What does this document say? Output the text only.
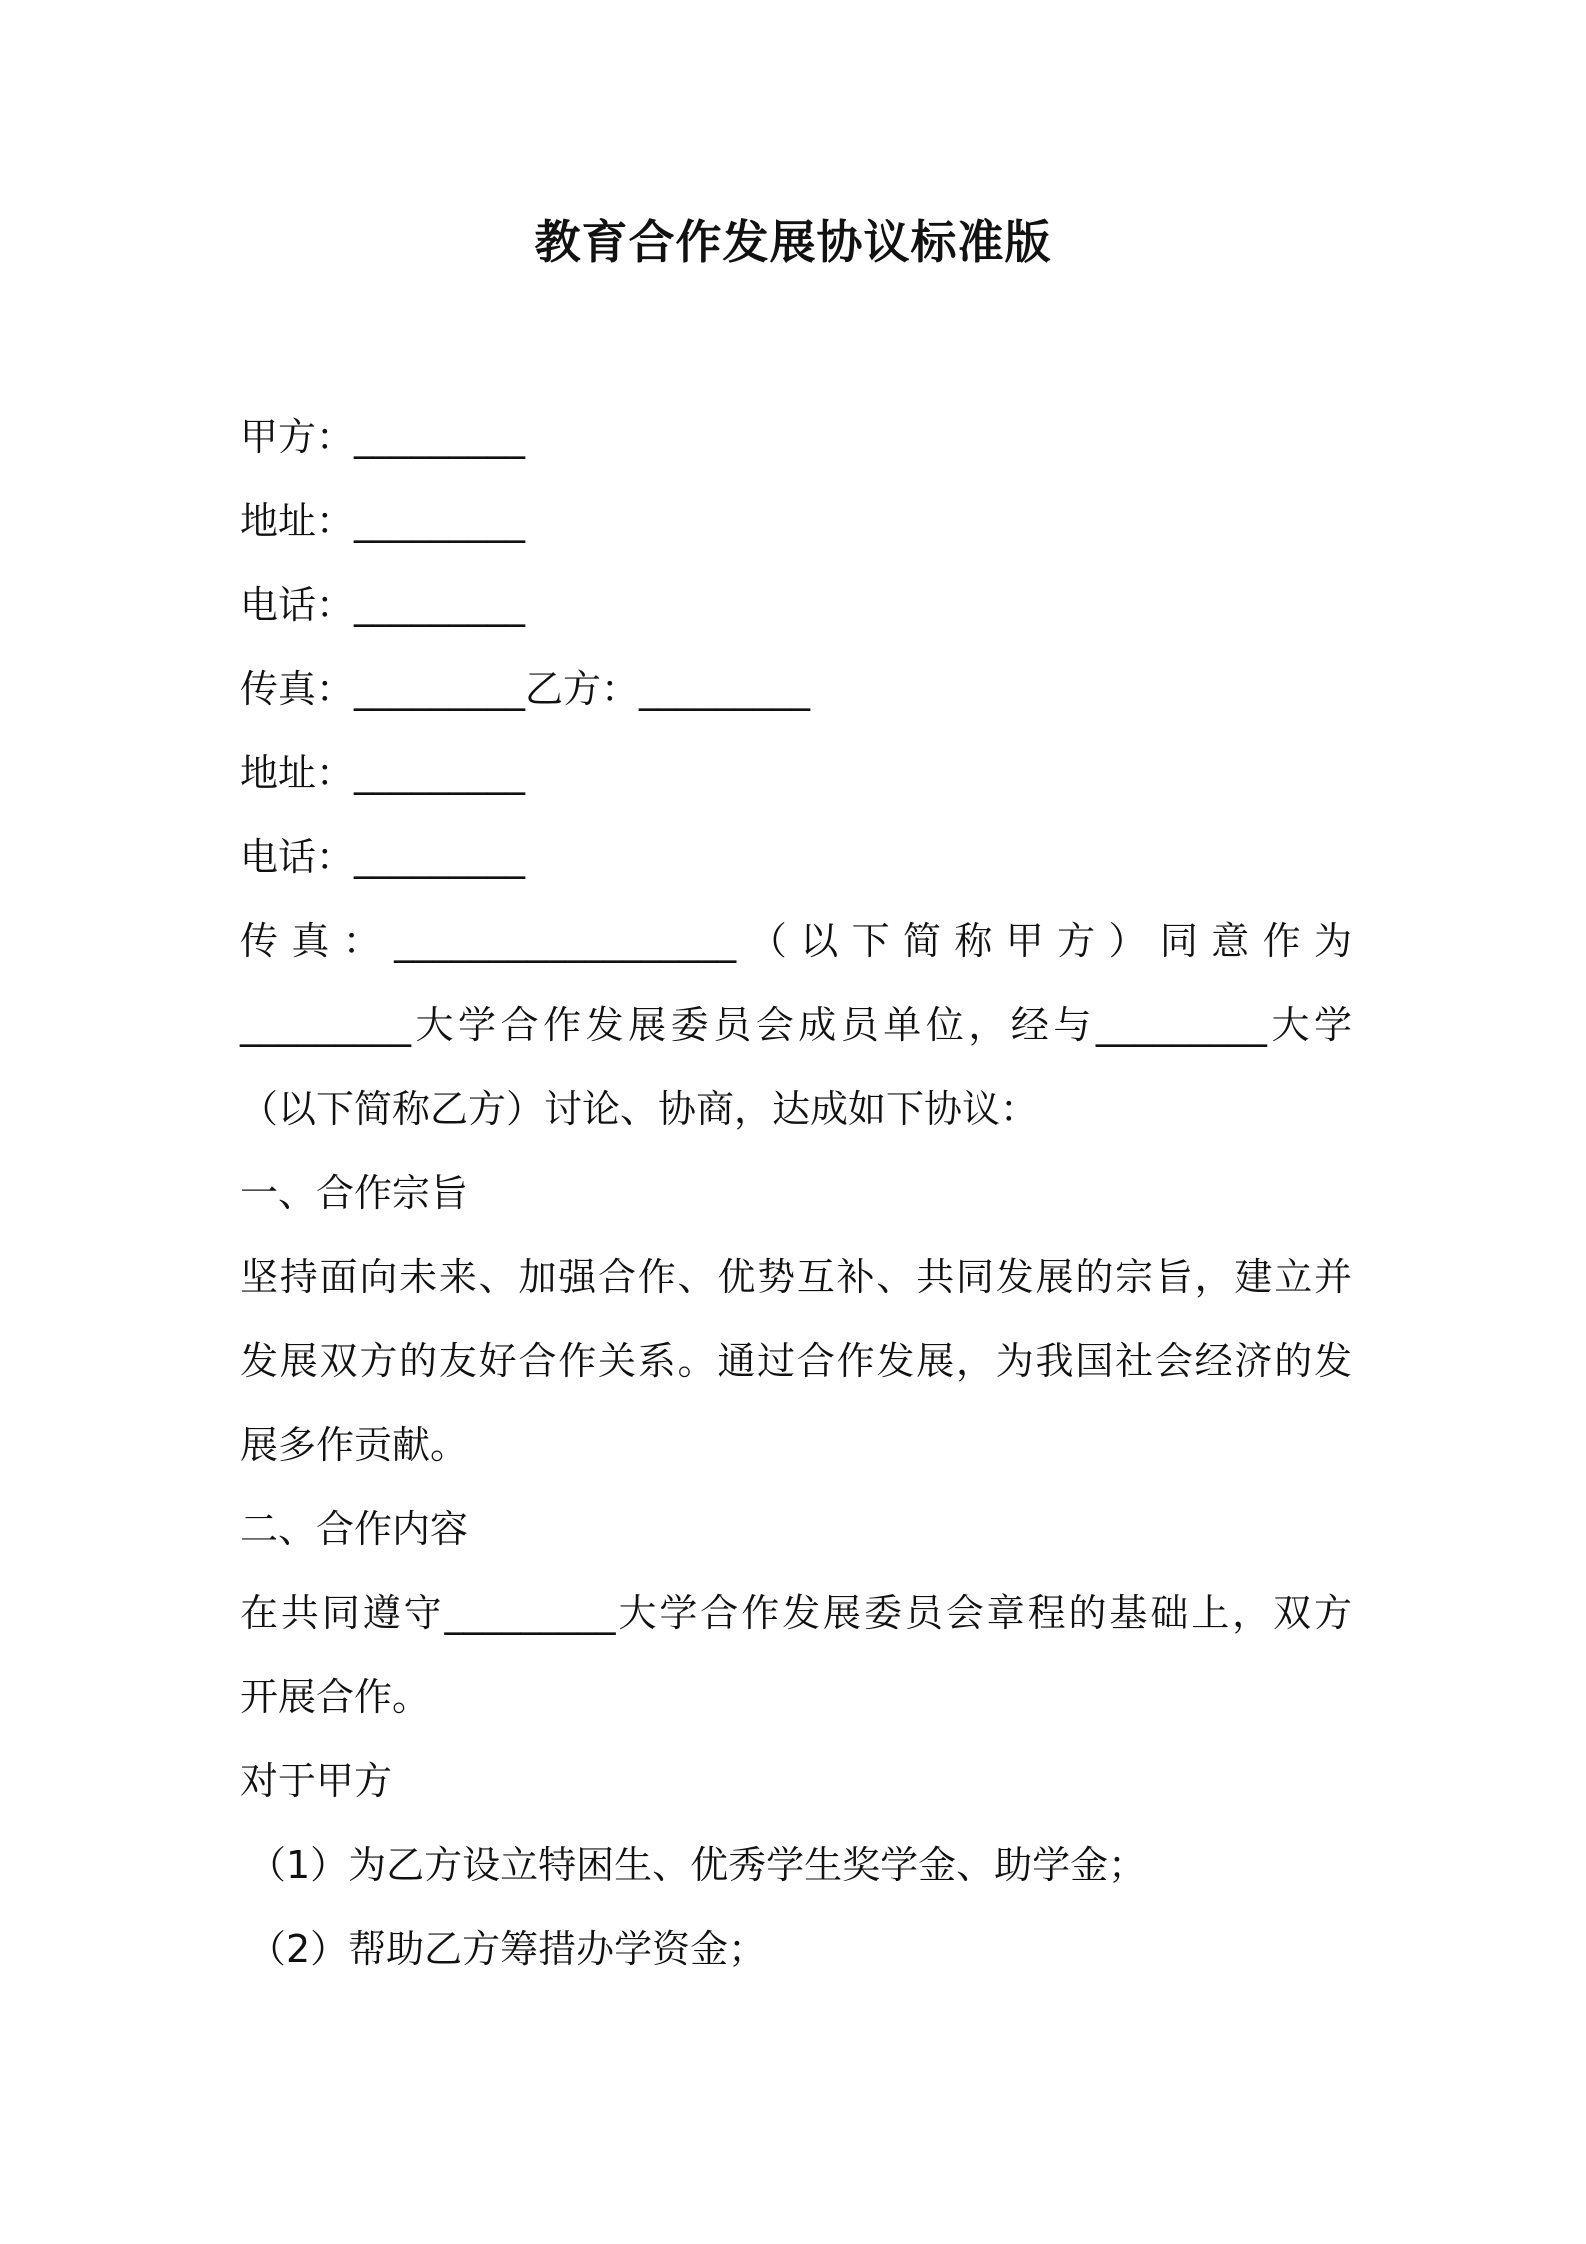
教育合作发展协议标准版
甲方：_________
地址：_________
电话：_________
传真：_________乙方：_________
地址：_________
电话：_________
传 真 ： __________________ （ 以 下 简 称 甲 方 ） 同 意 作 为
_________大学合作发展委员会成员单位，经与_________大学
（以下简称乙方）讨论、协商，达成如下协议：
一、合作宗旨
坚持面向未来、加强合作、优势互补、共同发展的宗旨，建立并
发展双方的友好合作关系。通过合作发展，为我国社会经济的发
展多作贡献。
二、合作内容
在共同遵守_________大学合作发展委员会章程的基础上，双方
开展合作。
对于甲方
（1）为乙方设立特困生、优秀学生奖学金、助学金；
（2）帮助乙方筹措办学资金；
